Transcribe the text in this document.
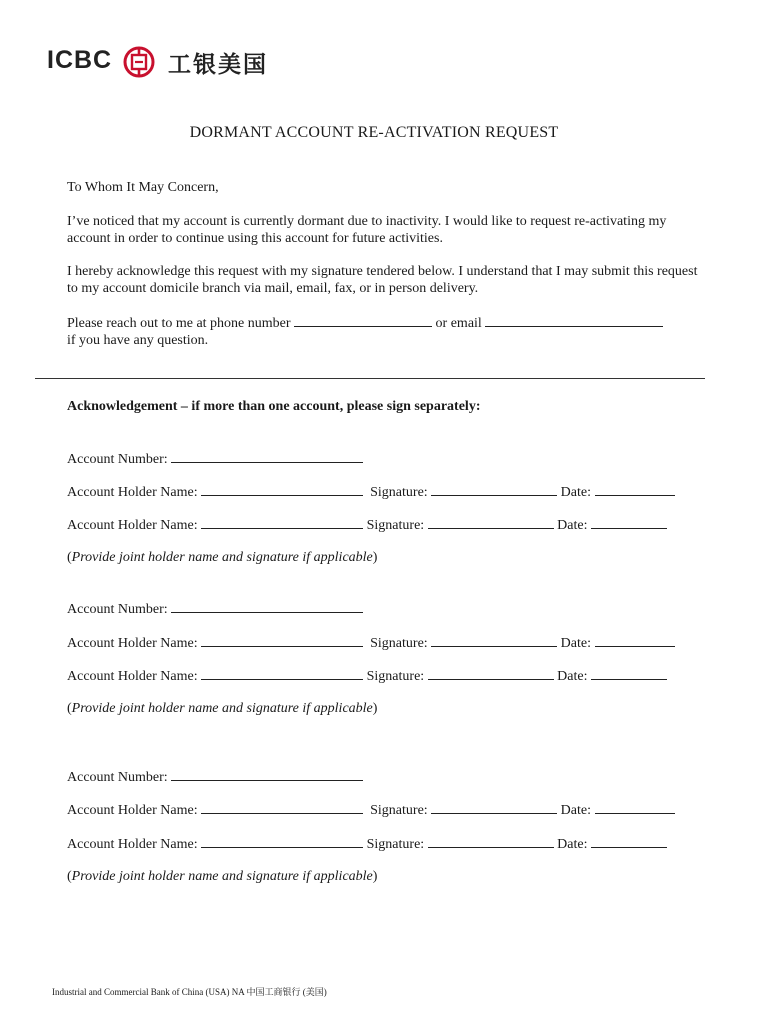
ICBC 工银美国
DORMANT ACCOUNT RE-ACTIVATION REQUEST
To Whom It May Concern,
I’ve noticed that my account is currently dormant due to inactivity. I would like to request re-activating my account in order to continue using this account for future activities.
I hereby acknowledge this request with my signature tendered below. I understand that I may submit this request to my account domicile branch via mail, email, fax, or in person delivery.
Please reach out to me at phone number	or email
if you have any question.
Acknowledgement – if more than one account, please sign separately:
Account Number:
Account Holder Name:	Signature:	Date:
Account Holder Name:	Signature:	Date:
(Provide joint holder name and signature if applicable)
Account Number:
Account Holder Name:	Signature:	Date:
Account Holder Name:	Signature:	Date:
(Provide joint holder name and signature if applicable)
Account Number:
Account Holder Name:	Signature:	Date:
Account Holder Name:	Signature:	Date:
(Provide joint holder name and signature if applicable)
Industrial and Commercial Bank of China (USA) NA 中国工商银行 (美国)
